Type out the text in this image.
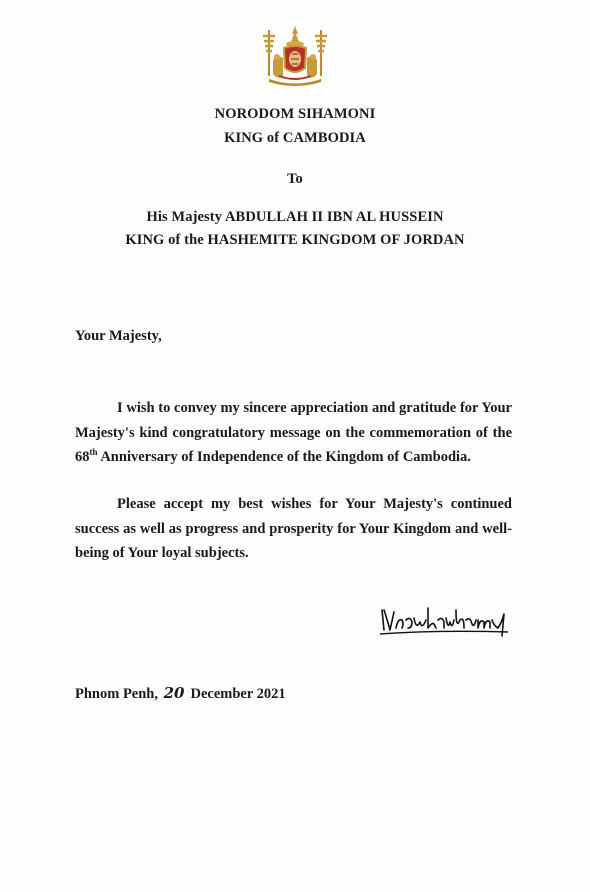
NORODOM SIHAMONI
KING of CAMBODIA
To
His Majesty ABDULLAH II IBN AL HUSSEIN
KING of the HASHEMITE KINGDOM OF JORDAN
Your Majesty,
I wish to convey my sincere appreciation and gratitude for Your Majesty's kind congratulatory message on the commemoration of the 68th Anniversary of Independence of the Kingdom of Cambodia.
Please accept my best wishes for Your Majesty's continued success as well as progress and prosperity for Your Kingdom and well-being of Your loyal subjects.
Phnom Penh, 20 December 2021
